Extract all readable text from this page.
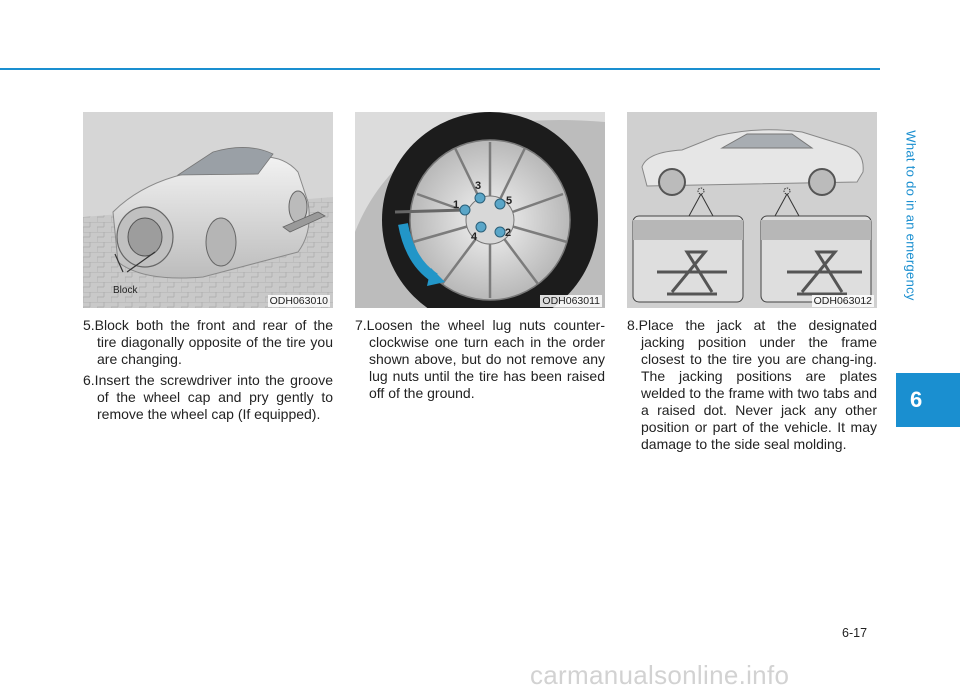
What to do in an emergency
6
Block
ODH063010
1
2
3
4
5
ODH063011	ODH063012

5.Block both the front and rear of the tire diagonally opposite of the tire you are changing.

6.Insert the screwdriver into the groove of the wheel cap and pry gently to remove the wheel cap (If equipped).

7.Loosen the wheel lug nuts counter-clockwise one turn each in the order shown above, but do not remove any lug nuts until the tire has been raised off of the ground.

8.Place the jack at the designated jacking position under the frame closest to the tire you are chang-ing. The jacking positions are plates welded to the frame with two tabs and a raised dot. Never jack any other position or part of the vehicle. It may damage to the side seal molding.

6-17
carmanualsonline.info
